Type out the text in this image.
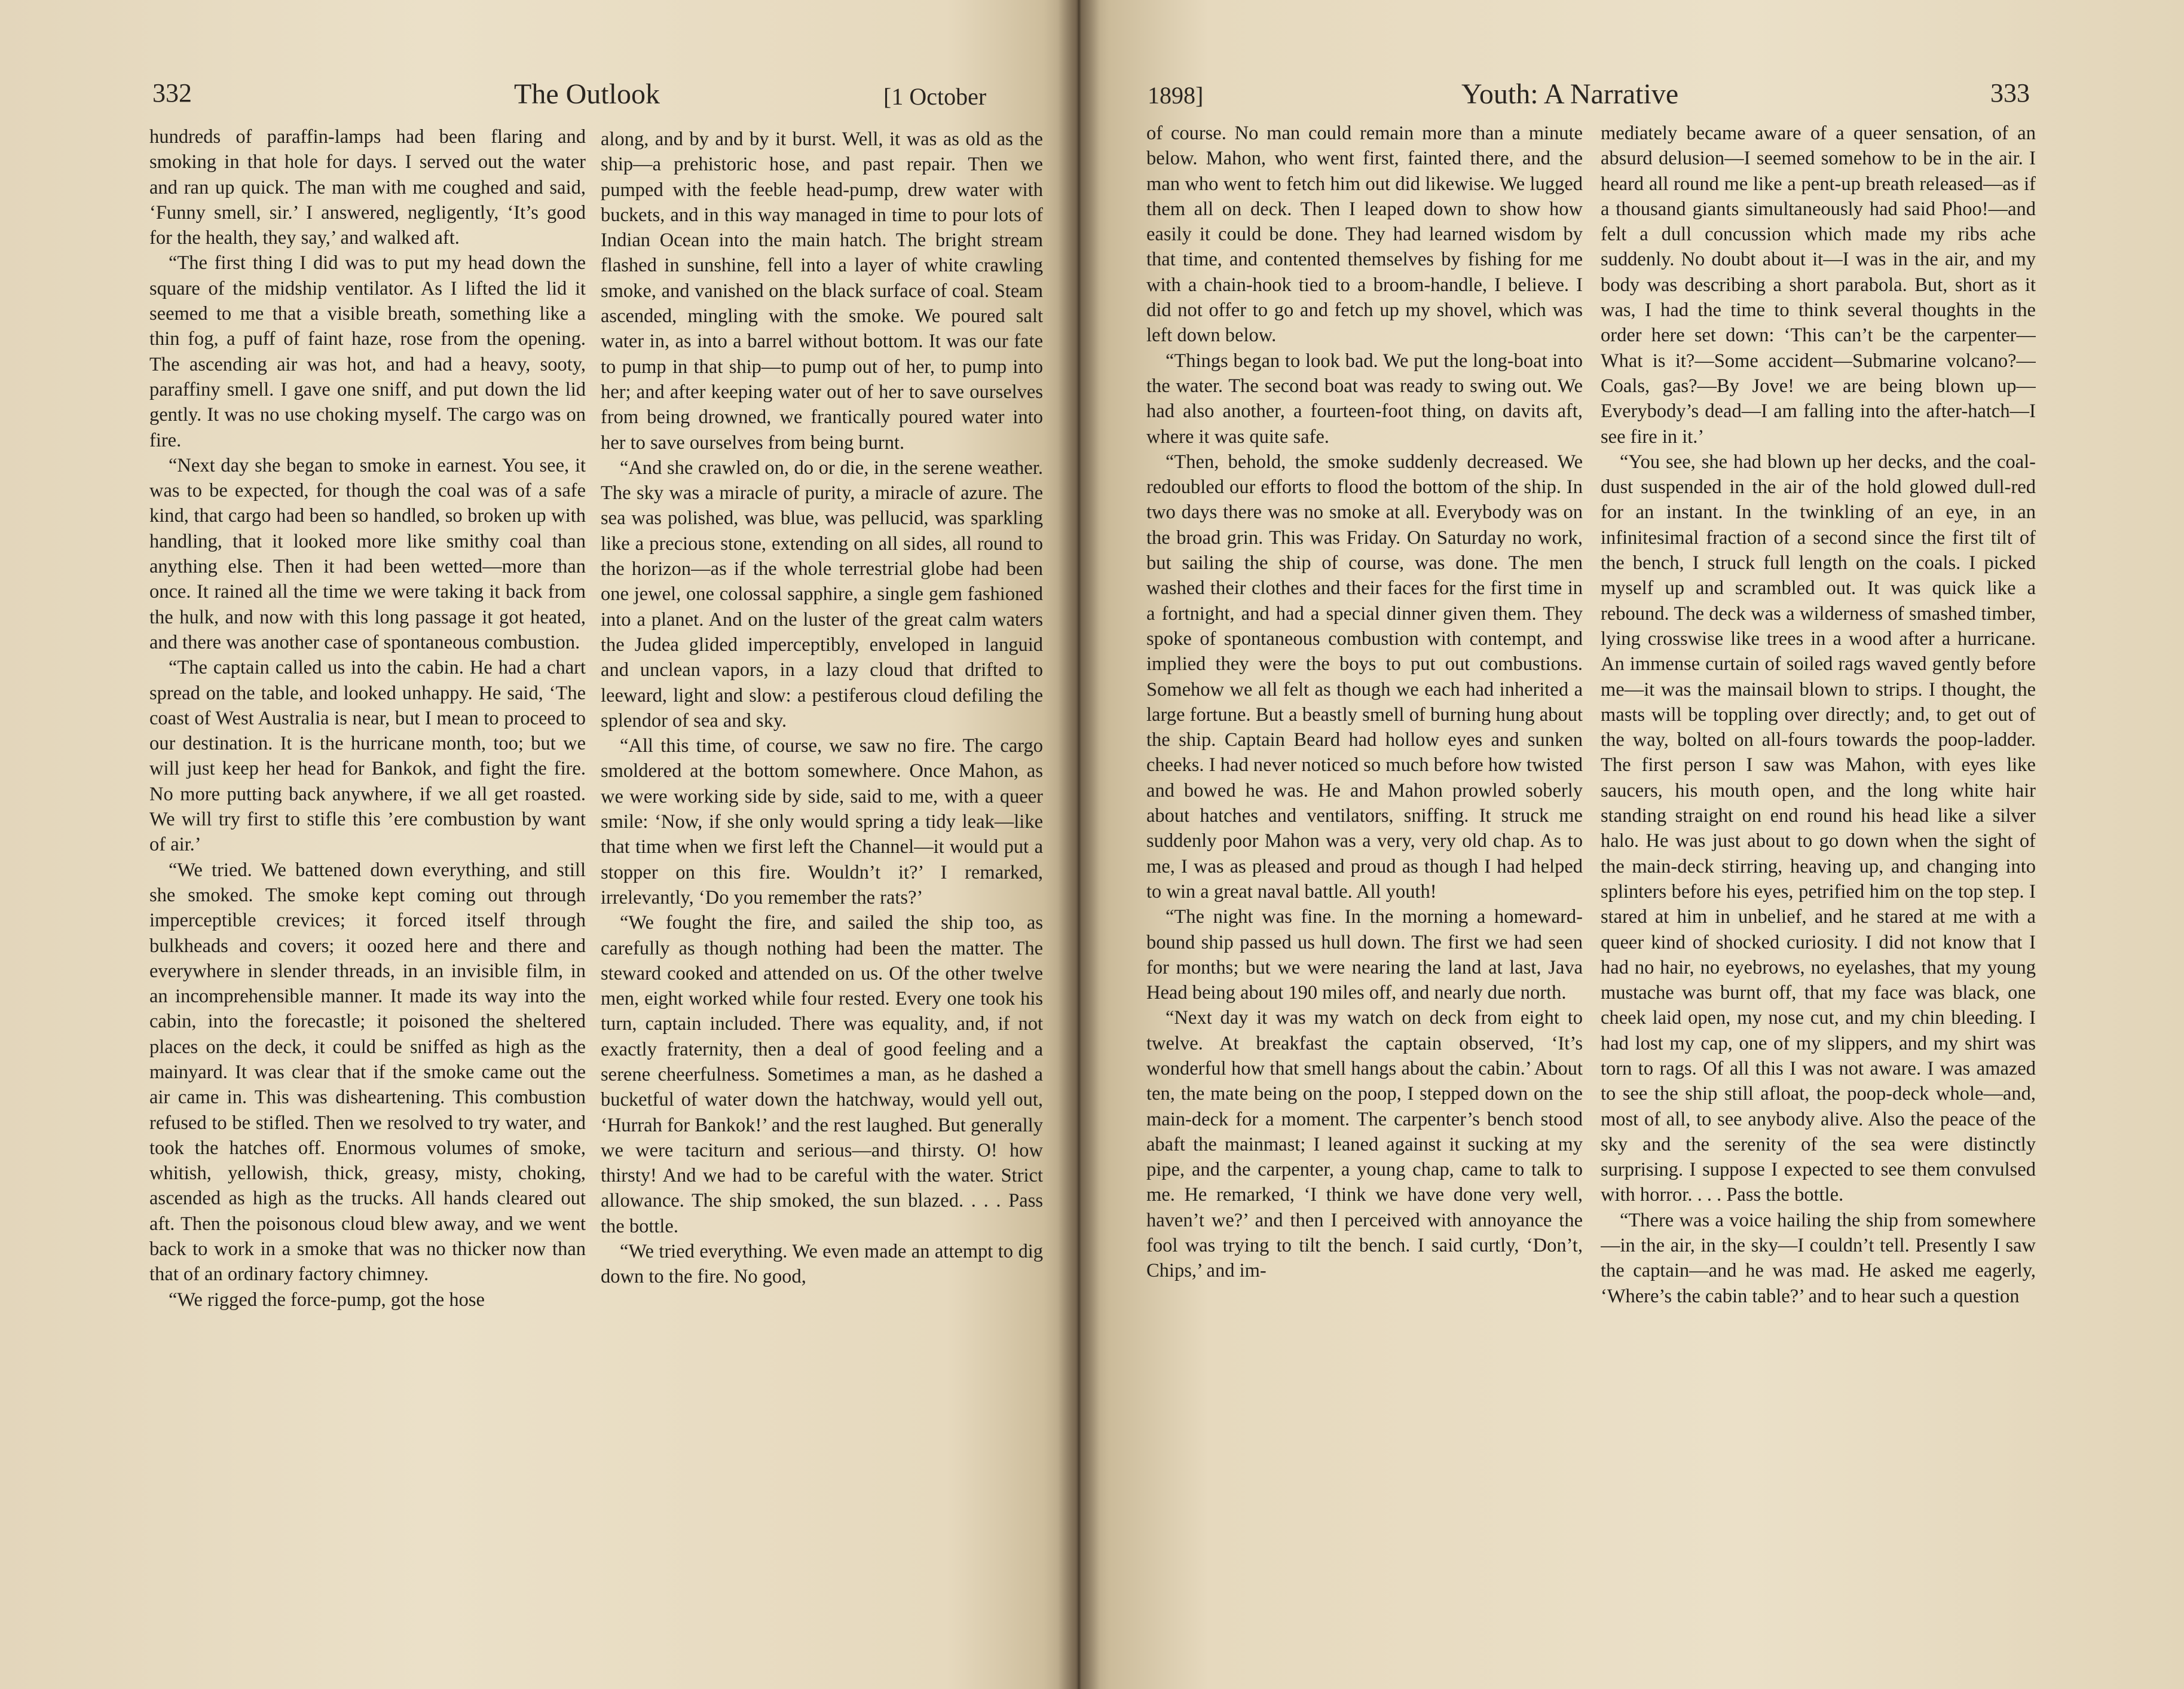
332	The Outlook	[1 October

hundreds of paraffin-lamps had been flaring and smoking in that hole for days. I served out the water and ran up quick. The man with me coughed and said, ‘Funny smell, sir.’ I answered, negligently, ‘It’s good for the health, they say,’ and walked aft.

“The first thing I did was to put my head down the square of the midship ventilator. As I lifted the lid it seemed to me that a visible breath, something like a thin fog, a puff of faint haze, rose from the opening. The ascending air was hot, and had a heavy, sooty, paraffiny smell. I gave one sniff, and put down the lid gently. It was no use choking myself. The cargo was on fire.

“Next day she began to smoke in earnest. You see, it was to be expected, for though the coal was of a safe kind, that cargo had been so handled, so broken up with handling, that it looked more like smithy coal than anything else. Then it had been wetted—more than once. It rained all the time we were taking it back from the hulk, and now with this long passage it got heated, and there was another case of spontaneous combustion.

“The captain called us into the cabin. He had a chart spread on the table, and looked unhappy. He said, ‘The coast of West Australia is near, but I mean to proceed to our destination. It is the hurricane month, too; but we will just keep her head for Bankok, and fight the fire. No more putting back anywhere, if we all get roasted. We will try first to stifle this ’ere combustion by want of air.’

“We tried. We battened down everything, and still she smoked. The smoke kept coming out through imperceptible crevices; it forced itself through bulkheads and covers; it oozed here and there and everywhere in slender threads, in an invisible film, in an incomprehensible manner. It made its way into the cabin, into the forecastle; it poisoned the sheltered places on the deck, it could be sniffed as high as the mainyard. It was clear that if the smoke came out the air came in. This was disheartening. This combustion refused to be stifled. Then we resolved to try water, and took the hatches off. Enormous volumes of smoke, whitish, yellowish, thick, greasy, misty, choking, ascended as high as the trucks. All hands cleared out aft. Then the poisonous cloud blew away, and we went back to work in a smoke that was no thicker now than that of an ordinary factory chimney.

“We rigged the force-pump, got the hose

along, and by and by it burst. Well, it was as old as the ship—a prehistoric hose, and past repair. Then we pumped with the feeble head-pump, drew water with buckets, and in this way managed in time to pour lots of Indian Ocean into the main hatch. The bright stream flashed in sunshine, fell into a layer of white crawling smoke, and vanished on the black surface of coal. Steam ascended, mingling with the smoke. We poured salt water in, as into a barrel without bottom. It was our fate to pump in that ship—to pump out of her, to pump into her; and after keeping water out of her to save ourselves from being drowned, we frantically poured water into her to save ourselves from being burnt.

“And she crawled on, do or die, in the serene weather. The sky was a miracle of purity, a miracle of azure. The sea was polished, was blue, was pellucid, was sparkling like a precious stone, extending on all sides, all round to the horizon—as if the whole terrestrial globe had been one jewel, one colossal sapphire, a single gem fashioned into a planet. And on the luster of the great calm waters the Judea glided imperceptibly, enveloped in languid and unclean vapors, in a lazy cloud that drifted to leeward, light and slow: a pestiferous cloud defiling the splendor of sea and sky.

“All this time, of course, we saw no fire. The cargo smoldered at the bottom somewhere. Once Mahon, as we were working side by side, said to me, with a queer smile: ‘Now, if she only would spring a tidy leak—like that time when we first left the Channel—it would put a stopper on this fire. Wouldn’t it?’ I remarked, irrelevantly, ‘Do you remember the rats?’

“We fought the fire, and sailed the ship too, as carefully as though nothing had been the matter. The steward cooked and attended on us. Of the other twelve men, eight worked while four rested. Every one took his turn, captain included. There was equality, and, if not exactly fraternity, then a deal of good feeling and a serene cheerfulness. Sometimes a man, as he dashed a bucketful of water down the hatchway, would yell out, ‘Hurrah for Bankok!’ and the rest laughed. But generally we were taciturn and serious—and thirsty. O! how thirsty! And we had to be careful with the water. Strict allowance. The ship smoked, the sun blazed. . . . Pass the bottle.

“We tried everything. We even made an attempt to dig down to the fire. No good,

1898]	Youth: A Narrative	333

of course. No man could remain more than a minute below. Mahon, who went first, fainted there, and the man who went to fetch him out did likewise. We lugged them all on deck. Then I leaped down to show how easily it could be done. They had learned wisdom by that time, and contented themselves by fishing for me with a chain-hook tied to a broom-handle, I believe. I did not offer to go and fetch up my shovel, which was left down below.

“Things began to look bad. We put the long-boat into the water. The second boat was ready to swing out. We had also another, a fourteen-foot thing, on davits aft, where it was quite safe.

“Then, behold, the smoke suddenly decreased. We redoubled our efforts to flood the bottom of the ship. In two days there was no smoke at all. Everybody was on the broad grin. This was Friday. On Saturday no work, but sailing the ship of course, was done. The men washed their clothes and their faces for the first time in a fortnight, and had a special dinner given them. They spoke of spontaneous combustion with contempt, and implied they were the boys to put out combustions. Somehow we all felt as though we each had inherited a large fortune. But a beastly smell of burning hung about the ship. Captain Beard had hollow eyes and sunken cheeks. I had never noticed so much before how twisted and bowed he was. He and Mahon prowled soberly about hatches and ventilators, sniffing. It struck me suddenly poor Mahon was a very, very old chap. As to me, I was as pleased and proud as though I had helped to win a great naval battle. All youth!

“The night was fine. In the morning a homeward-bound ship passed us hull down. The first we had seen for months; but we were nearing the land at last, Java Head being about 190 miles off, and nearly due north.

“Next day it was my watch on deck from eight to twelve. At breakfast the captain observed, ‘It’s wonderful how that smell hangs about the cabin.’ About ten, the mate being on the poop, I stepped down on the main-deck for a moment. The carpenter’s bench stood abaft the mainmast; I leaned against it sucking at my pipe, and the carpenter, a young chap, came to talk to me. He remarked, ‘I think we have done very well, haven’t we?’ and then I perceived with annoyance the fool was trying to tilt the bench. I said curtly, ‘Don’t, Chips,’ and im-

mediately became aware of a queer sensation, of an absurd delusion—I seemed somehow to be in the air. I heard all round me like a pent-up breath released—as if a thousand giants simultaneously had said Phoo!—and felt a dull concussion which made my ribs ache suddenly. No doubt about it—I was in the air, and my body was describing a short parabola. But, short as it was, I had the time to think several thoughts in the order here set down: ‘This can’t be the carpenter—What is it?—Some accident—Submarine volcano?—Coals, gas?—By Jove! we are being blown up—Everybody’s dead—I am falling into the after-hatch—I see fire in it.’

“You see, she had blown up her decks, and the coal-dust suspended in the air of the hold glowed dull-red for an instant. In the twinkling of an eye, in an infinitesimal fraction of a second since the first tilt of the bench, I struck full length on the coals. I picked myself up and scrambled out. It was quick like a rebound. The deck was a wilderness of smashed timber, lying crosswise like trees in a wood after a hurricane. An immense curtain of soiled rags waved gently before me—it was the mainsail blown to strips. I thought, the masts will be toppling over directly; and, to get out of the way, bolted on all-fours towards the poop-ladder. The first person I saw was Mahon, with eyes like saucers, his mouth open, and the long white hair standing straight on end round his head like a silver halo. He was just about to go down when the sight of the main-deck stirring, heaving up, and changing into splinters before his eyes, petrified him on the top step. I stared at him in unbelief, and he stared at me with a queer kind of shocked curiosity. I did not know that I had no hair, no eyebrows, no eyelashes, that my young mustache was burnt off, that my face was black, one cheek laid open, my nose cut, and my chin bleeding. I had lost my cap, one of my slippers, and my shirt was torn to rags. Of all this I was not aware. I was amazed to see the ship still afloat, the poop-deck whole—and, most of all, to see anybody alive. Also the peace of the sky and the serenity of the sea were distinctly surprising. I suppose I expected to see them convulsed with horror. . . . Pass the bottle.

“There was a voice hailing the ship from somewhere—in the air, in the sky—I couldn’t tell. Presently I saw the captain—and he was mad. He asked me eagerly, ‘Where’s the cabin table?’ and to hear such a question
